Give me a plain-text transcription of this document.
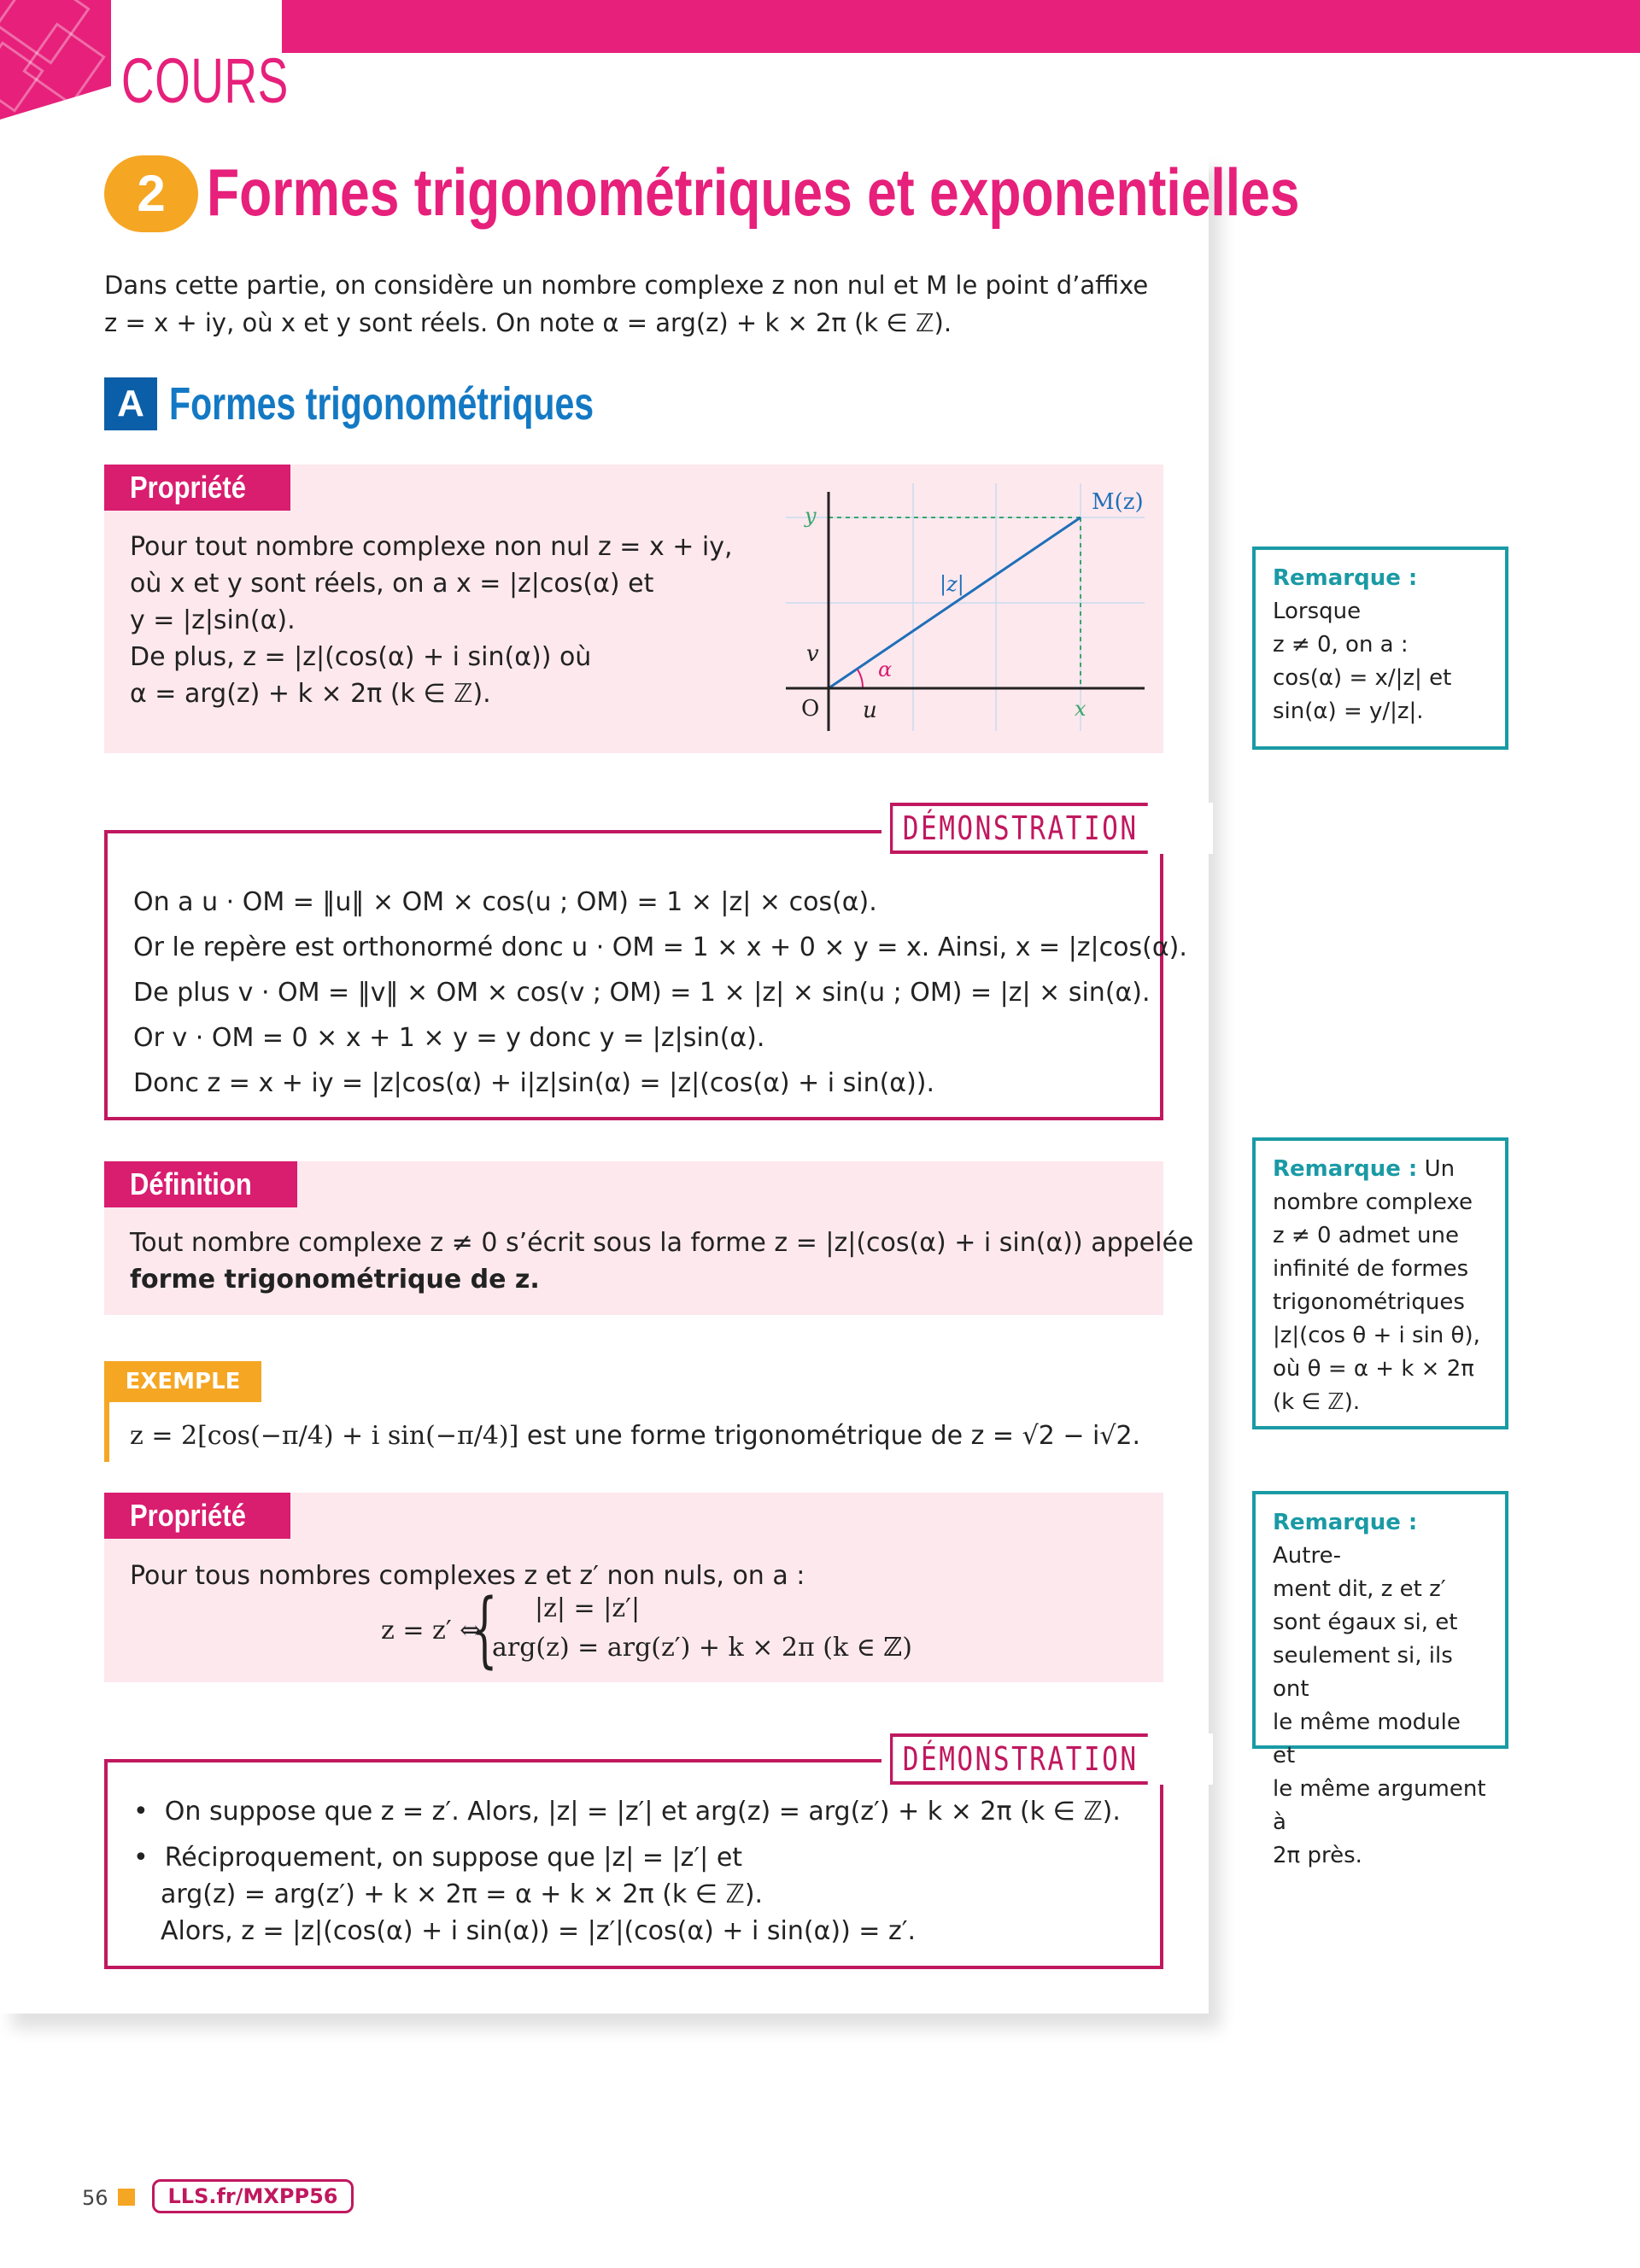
COURS
2 Formes trigonométriques et exponentielles
Dans cette partie, on considère un nombre complexe z non nul et M le point d’affixe
z = x + iy, où x et y sont réels. On note α = arg(z) + k × 2π (k ∈ ℤ).
A Formes trigonométriques
Propriété
Pour tout nombre complexe non nul z = x + iy,
où x et y sont réels, on a x = |z|cos(α) et
y = |z|sin(α).
De plus, z = |z|(cos(α) + i sin(α)) où
α = arg(z) + k × 2π (k ∈ ℤ).	O u
v
x
y
|z|
α
M(z)
Remarque : Lorsque
z ≠ 0, on a :
cos(α) = x/|z| et
sin(α) = y/|z|.
DÉMONSTRATION
On a u · OM = ‖u‖ × OM × cos(u ; OM) = 1 × |z| × cos(α).
Or le repère est orthonormé donc u · OM = 1 × x + 0 × y = x. Ainsi, x = |z|cos(α).
De plus v · OM = ‖v‖ × OM × cos(v ; OM) = 1 × |z| × sin(u ; OM) = |z| × sin(α).
Or v · OM = 0 × x + 1 × y = y donc y = |z|sin(α).
Donc z = x + iy = |z|cos(α) + i|z|sin(α) = |z|(cos(α) + i sin(α)).
Définition
Tout nombre complexe z ≠ 0 s’écrit sous la forme z = |z|(cos(α) + i sin(α)) appelée
forme trigonométrique de z.
Remarque : Un
nombre complexe
z ≠ 0 admet une
infinité de formes
trigonométriques
|z|(cos θ + i sin θ),
où θ = α + k × 2π
(k ∈ ℤ).
EXEMPLE
z = 2[cos(−π/4) + i sin(−π/4)] est une forme trigonométrique de z = √2 − i√2.
Propriété
Pour tous nombres complexes z et z′ non nuls, on a :
z = z′ ⇔
{ |z| = |z′|
arg(z) = arg(z′) + k × 2π (k ∈ ℤ)
Remarque : Autre-
ment dit, z et z′
sont égaux si, et
seulement si, ils ont
le même module et
le même argument à
2π près.
DÉMONSTRATION
•  On suppose que z = z′. Alors, |z| = |z′| et arg(z) = arg(z′) + k × 2π (k ∈ ℤ).
•  Réciproquement, on suppose que |z| = |z′| et
arg(z) = arg(z′) + k × 2π = α + k × 2π (k ∈ ℤ).
Alors, z = |z|(cos(α) + i sin(α)) = |z′|(cos(α) + i sin(α)) = z′.
56	LLS.fr/MXPP56
